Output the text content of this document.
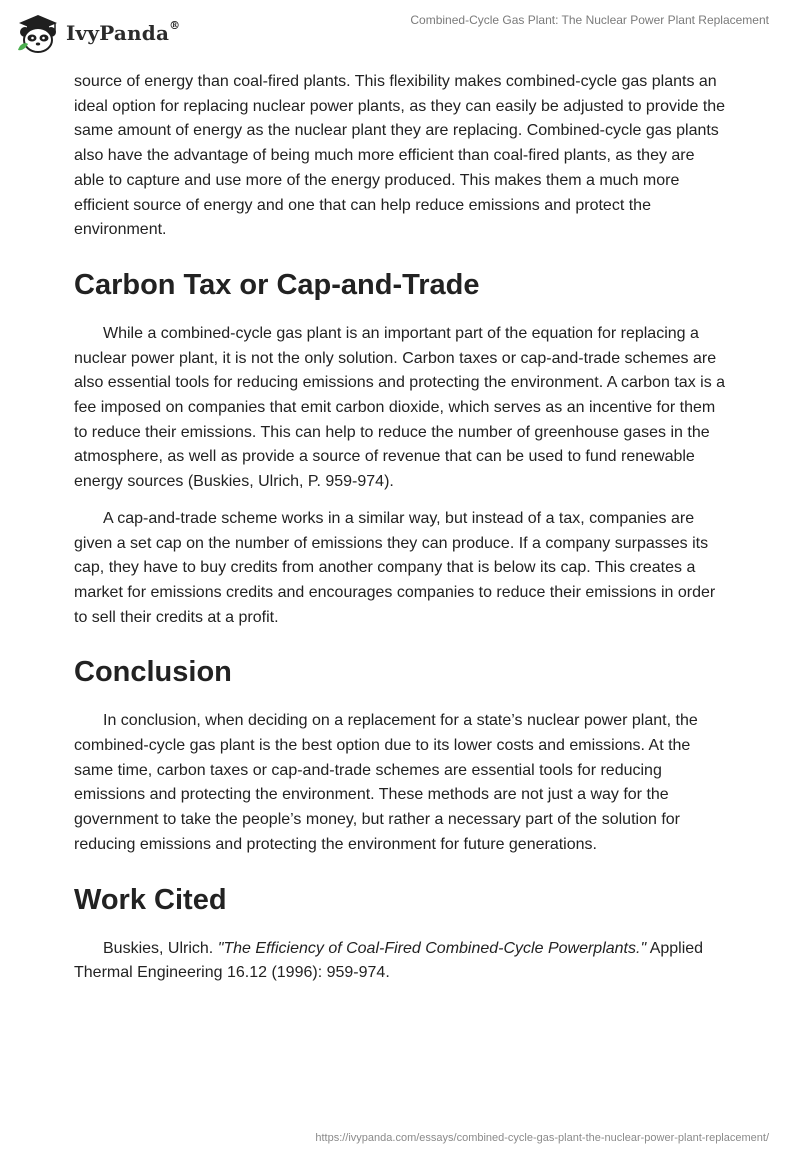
IvyPanda®	Combined-Cycle Gas Plant: The Nuclear Power Plant Replacement

source of energy than coal-fired plants. This flexibility makes combined-cycle gas plants an ideal option for replacing nuclear power plants, as they can easily be adjusted to provide the same amount of energy as the nuclear plant they are replacing. Combined-cycle gas plants also have the advantage of being much more efficient than coal-fired plants, as they are able to capture and use more of the energy produced. This makes them a much more efficient source of energy and one that can help reduce emissions and protect the environment.

Carbon Tax or Cap-and-Trade

While a combined-cycle gas plant is an important part of the equation for replacing a nuclear power plant, it is not the only solution. Carbon taxes or cap-and-trade schemes are also essential tools for reducing emissions and protecting the environment. A carbon tax is a fee imposed on companies that emit carbon dioxide, which serves as an incentive for them to reduce their emissions. This can help to reduce the number of greenhouse gases in the atmosphere, as well as provide a source of revenue that can be used to fund renewable energy sources (Buskies, Ulrich, P. 959-974).

A cap-and-trade scheme works in a similar way, but instead of a tax, companies are given a set cap on the number of emissions they can produce. If a company surpasses its cap, they have to buy credits from another company that is below its cap. This creates a market for emissions credits and encourages companies to reduce their emissions in order to sell their credits at a profit.

Conclusion

In conclusion, when deciding on a replacement for a state’s nuclear power plant, the combined-cycle gas plant is the best option due to its lower costs and emissions. At the same time, carbon taxes or cap-and-trade schemes are essential tools for reducing emissions and protecting the environment. These methods are not just a way for the government to take the people’s money, but rather a necessary part of the solution for reducing emissions and protecting the environment for future generations.

Work Cited

Buskies, Ulrich. "The Efficiency of Coal-Fired Combined-Cycle Powerplants." Applied Thermal Engineering 16.12 (1996): 959-974.

https://ivypanda.com/essays/combined-cycle-gas-plant-the-nuclear-power-plant-replacement/
